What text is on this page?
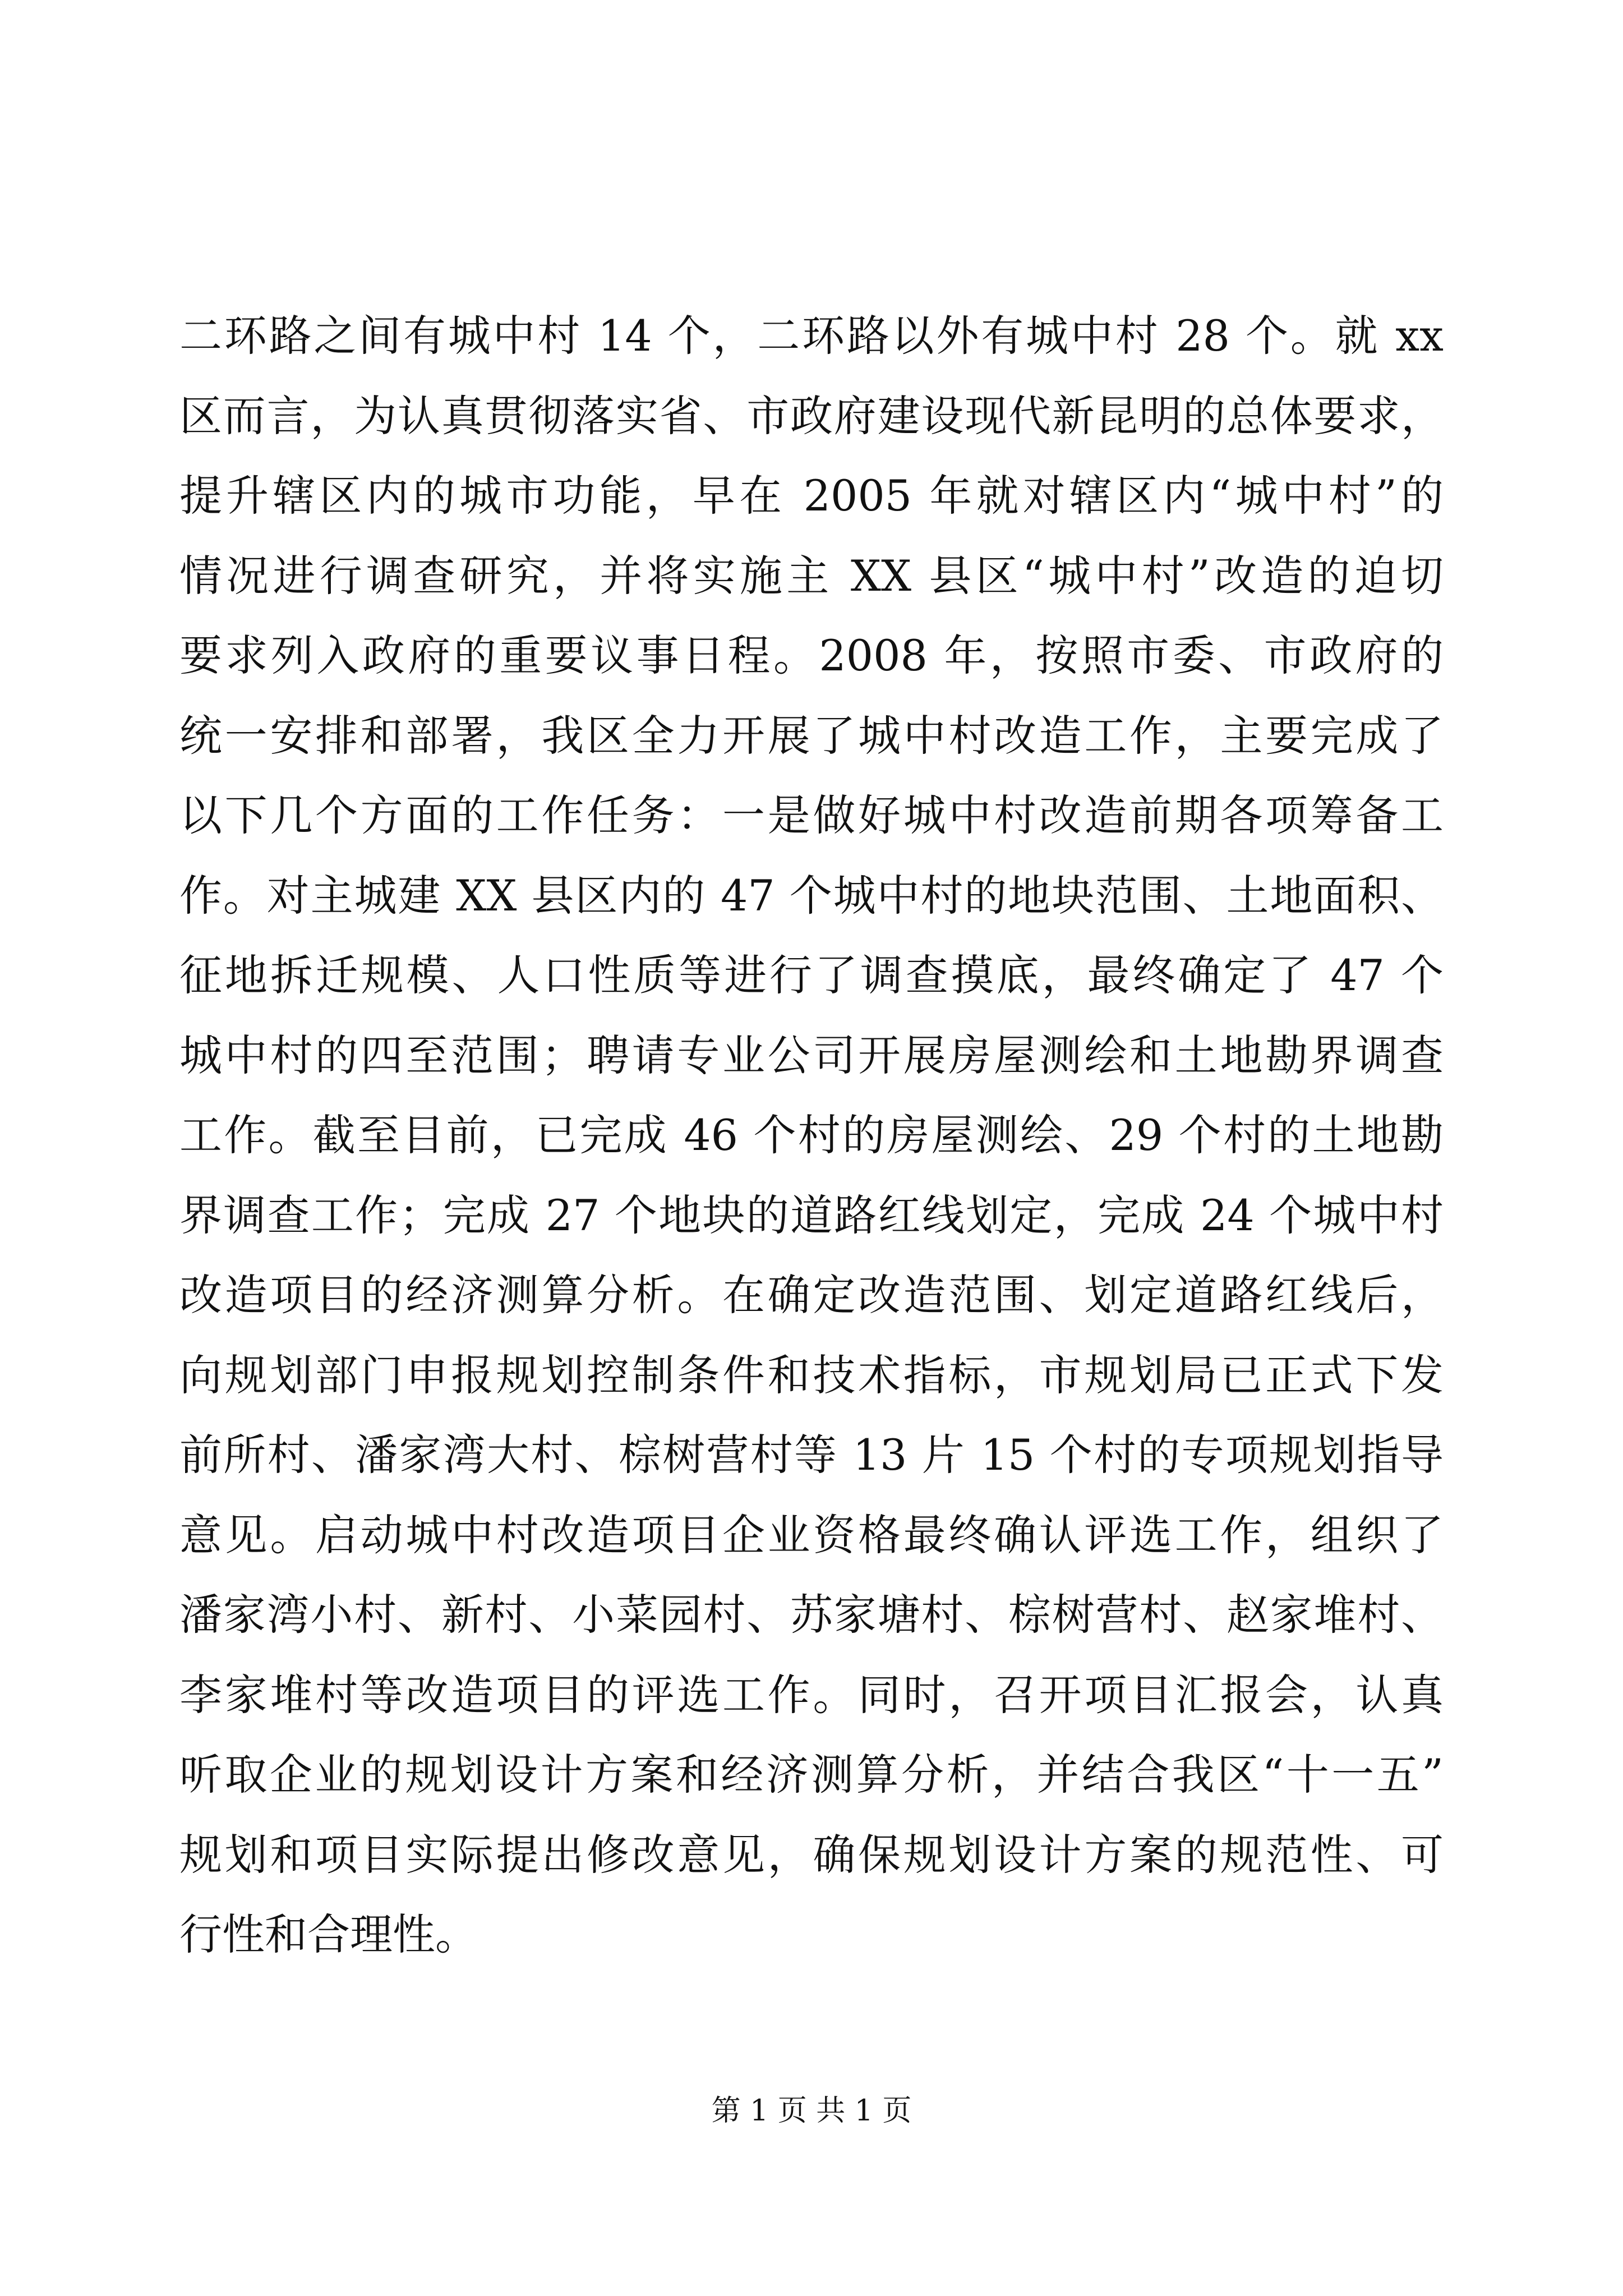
二环路之间有城中村 14 个，二环路以外有城中村 28 个。就 xx
区而言，为认真贯彻落实省、市政府建设现代新昆明的总体要求，
提升辖区内的城市功能，早在 2005 年就对辖区内“城中村”的
情况进行调查研究，并将实施主 XX 县区“城中村”改造的迫切
要求列入政府的重要议事日程。2008 年，按照市委、市政府的
统一安排和部署，我区全力开展了城中村改造工作，主要完成了
以下几个方面的工作任务：一是做好城中村改造前期各项筹备工
作。对主城建 XX 县区内的 47 个城中村的地块范围、土地面积、
征地拆迁规模、人口性质等进行了调查摸底，最终确定了 47 个
城中村的四至范围；聘请专业公司开展房屋测绘和土地勘界调查
工作。截至目前，已完成 46 个村的房屋测绘、29 个村的土地勘
界调查工作；完成 27 个地块的道路红线划定，完成 24 个城中村
改造项目的经济测算分析。在确定改造范围、划定道路红线后，
向规划部门申报规划控制条件和技术指标，市规划局已正式下发
前所村、潘家湾大村、棕树营村等 13 片 15 个村的专项规划指导
意见。启动城中村改造项目企业资格最终确认评选工作，组织了
潘家湾小村、新村、小菜园村、苏家塘村、棕树营村、赵家堆村、
李家堆村等改造项目的评选工作。同时，召开项目汇报会，认真
听取企业的规划设计方案和经济测算分析，并结合我区“十一五”
规划和项目实际提出修改意见，确保规划设计方案的规范性、可
行性和合理性。
第 1 页 共 1 页
